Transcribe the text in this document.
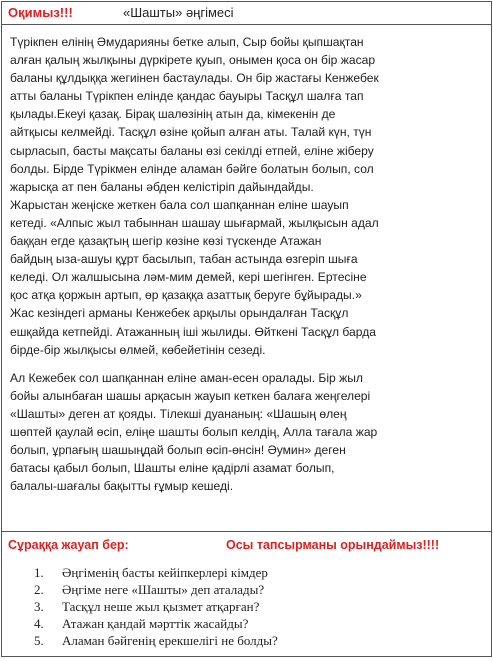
Оқимыз!!!	«Шашты» әңгімесі
Түрікпен елінің Әмударияны бетке алып, Сыр бойы қыпшақтан
алған қалың жылқыны дүркірете қуып, онымен қоса он бір жасар
баланы құлдыққа жегиінен бастаулады. Он бір жастағы Кенжебек
атты баланы Түрікпен елінде қандас бауыры Тасқұл шалға тап
қылады.Екеуі қазақ. Бірақ шалөзінің атын да, кімекенін де
айтқысы келмейді. Тасқұл өзіне қойып алған аты. Талай күн, түн
сырласып, басты мақсаты баланы өзі секілді етпей, еліне жіберу
болды. Бірде Түрікмен елінде аламан бәйге болатын болып, сол
жарысқа ат пен баланы әбден келістіріп дайындайды.
Жарыстан жеңіске жеткен бала сол шапқаннан еліне шауып
кетеді. «Алпыс жыл табыннан шашау шығармай, жылқысын адал
баққан егде қазақтың шегір көзіне көзі түскенде Атажан
байдың ыза-ашуы құрт басылып, табан астында өзгеріп шыға
келеді. Ол жалшысына ләм-мим демей, кері шегінген. Ертесіне
қос атқа қоржын артып, өр қазаққа азаттық беруге бұйырады.»
Жас кезіндегі арманы Кенжебек арқылы орындалған Тасқұл
ешқайда кетпейді. Атажанның іші жылиды. Өйткені Тасқұл барда
бірде-бір жылқысы өлмей, көбейетінін сезеді.
Ал Кежебек сол шапқаннан еліне аман-есен оралады. Бір жыл
бойы алынбаған шашы арқасын жауып кеткен балаға жеңгелері
«Шашты» деген ат қояды. Тілекші дуананың: «Шашың өлең
шөптей қаулай өсіп, еліңе шашты болып келдің, Алла тағала жар
болып, ұрпағың шашыңдай болып өсіп-өнсін! Әумин» деген
батасы қабыл болып, Шашты еліне қадірлі азамат болып,
балалы-шағалы бақытты ғұмыр кешеді.
Сұраққа жауап бер:	Осы тапсырманы орындаймыз!!!!
1.	Әңгіменің басты кейіпкерлері кімдер
2.	Әңгіме неге «Шашты» деп аталады?
3.	Тасқұл неше жыл қызмет атқарған?
4.	Атажан қандай мәрттік жасайды?
5.	Аламан бәйгенің ерекшелігі не болды?
